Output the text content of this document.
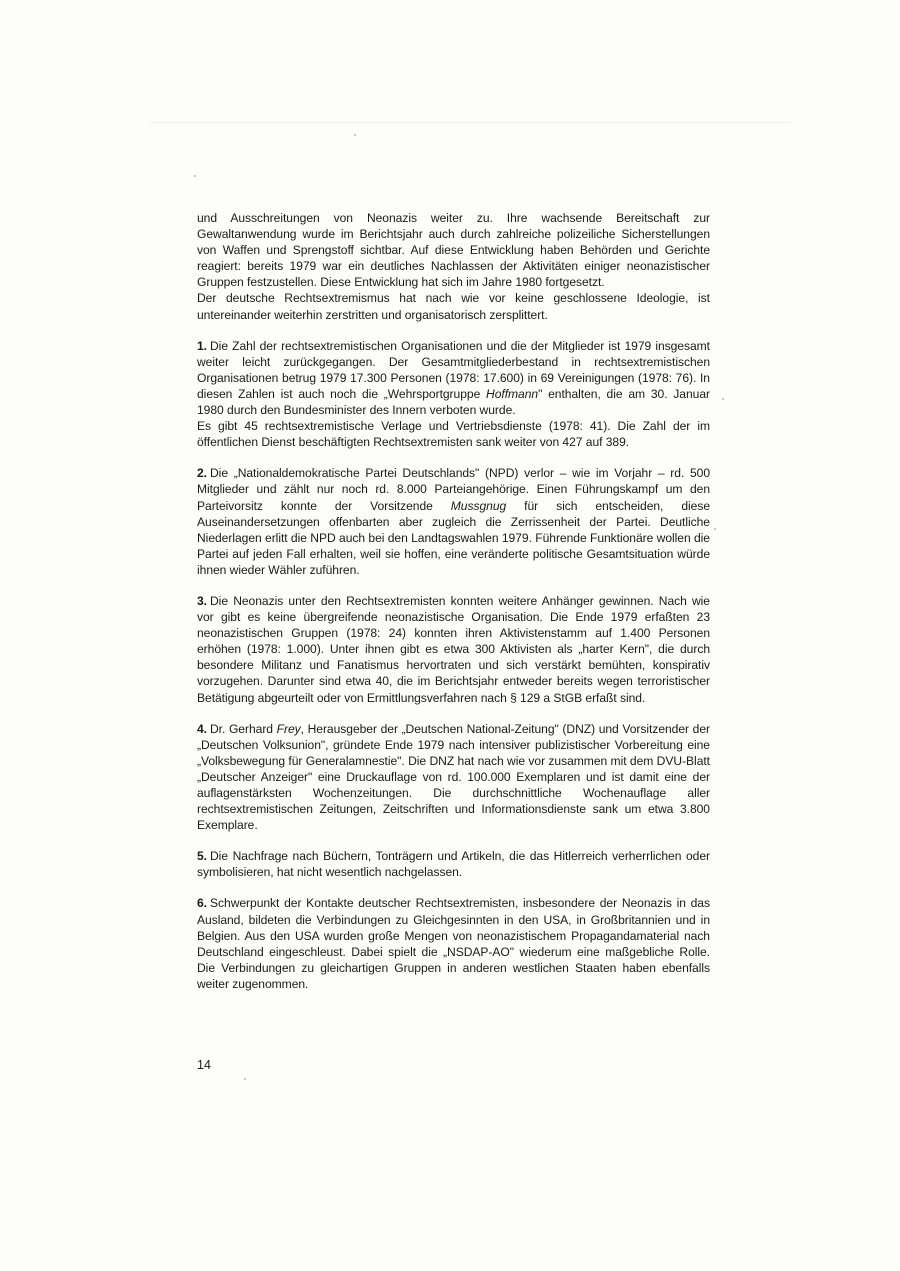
und Ausschreitungen von Neonazis weiter zu. Ihre wachsende Bereitschaft zur Gewaltanwendung wurde im Berichtsjahr auch durch zahlreiche polizeiliche Sicherstellungen von Waffen und Sprengstoff sichtbar. Auf diese Entwicklung haben Behörden und Gerichte reagiert: bereits 1979 war ein deutliches Nachlassen der Aktivitäten einiger neonazistischer Gruppen festzustellen. Diese Entwicklung hat sich im Jahre 1980 fortgesetzt.

Der deutsche Rechtsextremismus hat nach wie vor keine geschlossene Ideologie, ist untereinander weiterhin zerstritten und organisatorisch zersplittert.

1. Die Zahl der rechtsextremistischen Organisationen und die der Mitglieder ist 1979 insgesamt weiter leicht zurückgegangen. Der Gesamtmitgliederbestand in rechtsextremistischen Organisationen betrug 1979 17.300 Personen (1978: 17.600) in 69 Vereinigungen (1978: 76). In diesen Zahlen ist auch noch die „Wehrsportgruppe Hoffmann" enthalten, die am 30. Januar 1980 durch den Bundesminister des Innern verboten wurde.

Es gibt 45 rechtsextremistische Verlage und Vertriebsdienste (1978: 41). Die Zahl der im öffentlichen Dienst beschäftigten Rechtsextremisten sank weiter von 427 auf 389.

2. Die „Nationaldemokratische Partei Deutschlands" (NPD) verlor – wie im Vorjahr – rd. 500 Mitglieder und zählt nur noch rd. 8.000 Parteiangehörige. Einen Führungskampf um den Parteivorsitz konnte der Vorsitzende Mussgnug für sich entscheiden, diese Auseinandersetzungen offenbarten aber zugleich die Zerrissenheit der Partei. Deutliche Niederlagen erlitt die NPD auch bei den Landtagswahlen 1979. Führende Funktionäre wollen die Partei auf jeden Fall erhalten, weil sie hoffen, eine veränderte politische Gesamtsituation würde ihnen wieder Wähler zuführen.
3. Die Neonazis unter den Rechtsextremisten konnten weitere Anhänger gewinnen. Nach wie vor gibt es keine übergreifende neonazistische Organisation. Die Ende 1979 erfaßten 23 neonazistischen Gruppen (1978: 24) konnten ihren Aktivistenstamm auf 1.400 Personen erhöhen (1978: 1.000). Unter ihnen gibt es etwa 300 Aktivisten als „harter Kern", die durch besondere Militanz und Fanatismus hervortraten und sich verstärkt bemühten, konspirativ vorzugehen. Darunter sind etwa 40, die im Berichtsjahr entweder bereits wegen terroristischer Betätigung abgeurteilt oder von Ermittlungsverfahren nach § 129 a StGB erfaßt sind.
4. Dr. Gerhard Frey, Herausgeber der „Deutschen National-Zeitung" (DNZ) und Vorsitzender der „Deutschen Volksunion", gründete Ende 1979 nach intensiver publizistischer Vorbereitung eine „Volksbewegung für Generalamnestie". Die DNZ hat nach wie vor zusammen mit dem DVU-Blatt „Deutscher Anzeiger" eine Druckauflage von rd. 100.000 Exemplaren und ist damit eine der auflagenstärksten Wochenzeitungen. Die durchschnittliche Wochenauflage aller rechtsextremistischen Zeitungen, Zeitschriften und Informationsdienste sank um etwa 3.800 Exemplare.
5. Die Nachfrage nach Büchern, Tonträgern und Artikeln, die das Hitlerreich verherrlichen oder symbolisieren, hat nicht wesentlich nachgelassen.
6. Schwerpunkt der Kontakte deutscher Rechtsextremisten, insbesondere der Neonazis in das Ausland, bildeten die Verbindungen zu Gleichgesinnten in den USA, in Großbritannien und in Belgien. Aus den USA wurden große Mengen von neonazistischem Propagandamaterial nach Deutschland eingeschleust. Dabei spielt die „NSDAP-AO" wiederum eine maßgebliche Rolle. Die Verbindungen zu gleichartigen Gruppen in anderen westlichen Staaten haben ebenfalls weiter zugenommen.
14
